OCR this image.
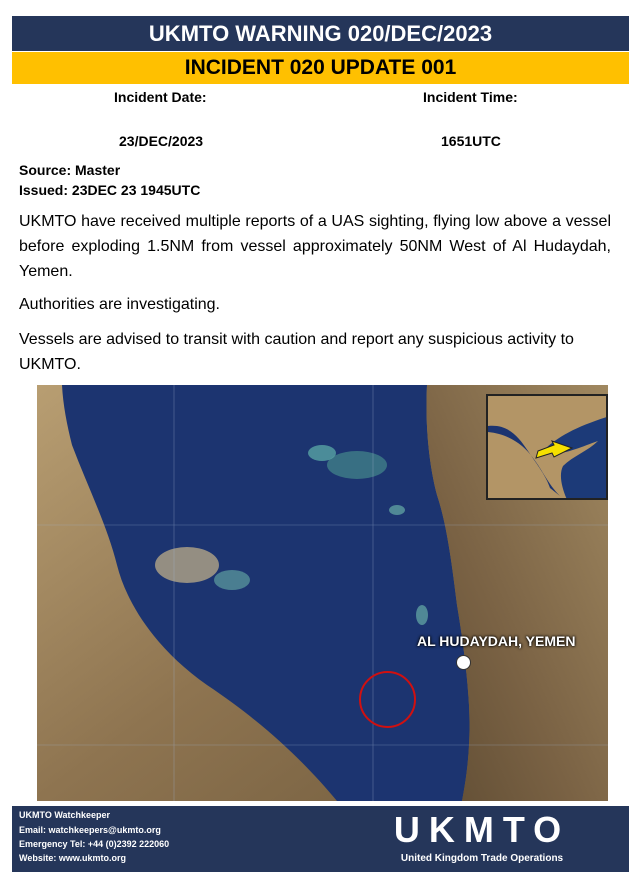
UKMTO WARNING 020/DEC/2023
INCIDENT 020 UPDATE 001
Incident Date:	Incident Time:
23/DEC/2023	1651UTC
Source: Master
Issued: 23DEC 23 1945UTC
UKMTO have received multiple reports of a UAS sighting, flying low above a vessel before exploding 1.5NM from vessel approximately 50NM West of Al Hudaydah, Yemen.
Authorities are investigating.
Vessels are advised to transit with caution and report any suspicious activity to UKMTO.
AL HUDAYDAH, YEMEN
UKMTO Watchkeeper
Email: watchkeepers@ukmto.org
Emergency Tel: +44 (0)2392 222060
Website: www.ukmto.org
UKMTO
United Kingdom Trade Operations
